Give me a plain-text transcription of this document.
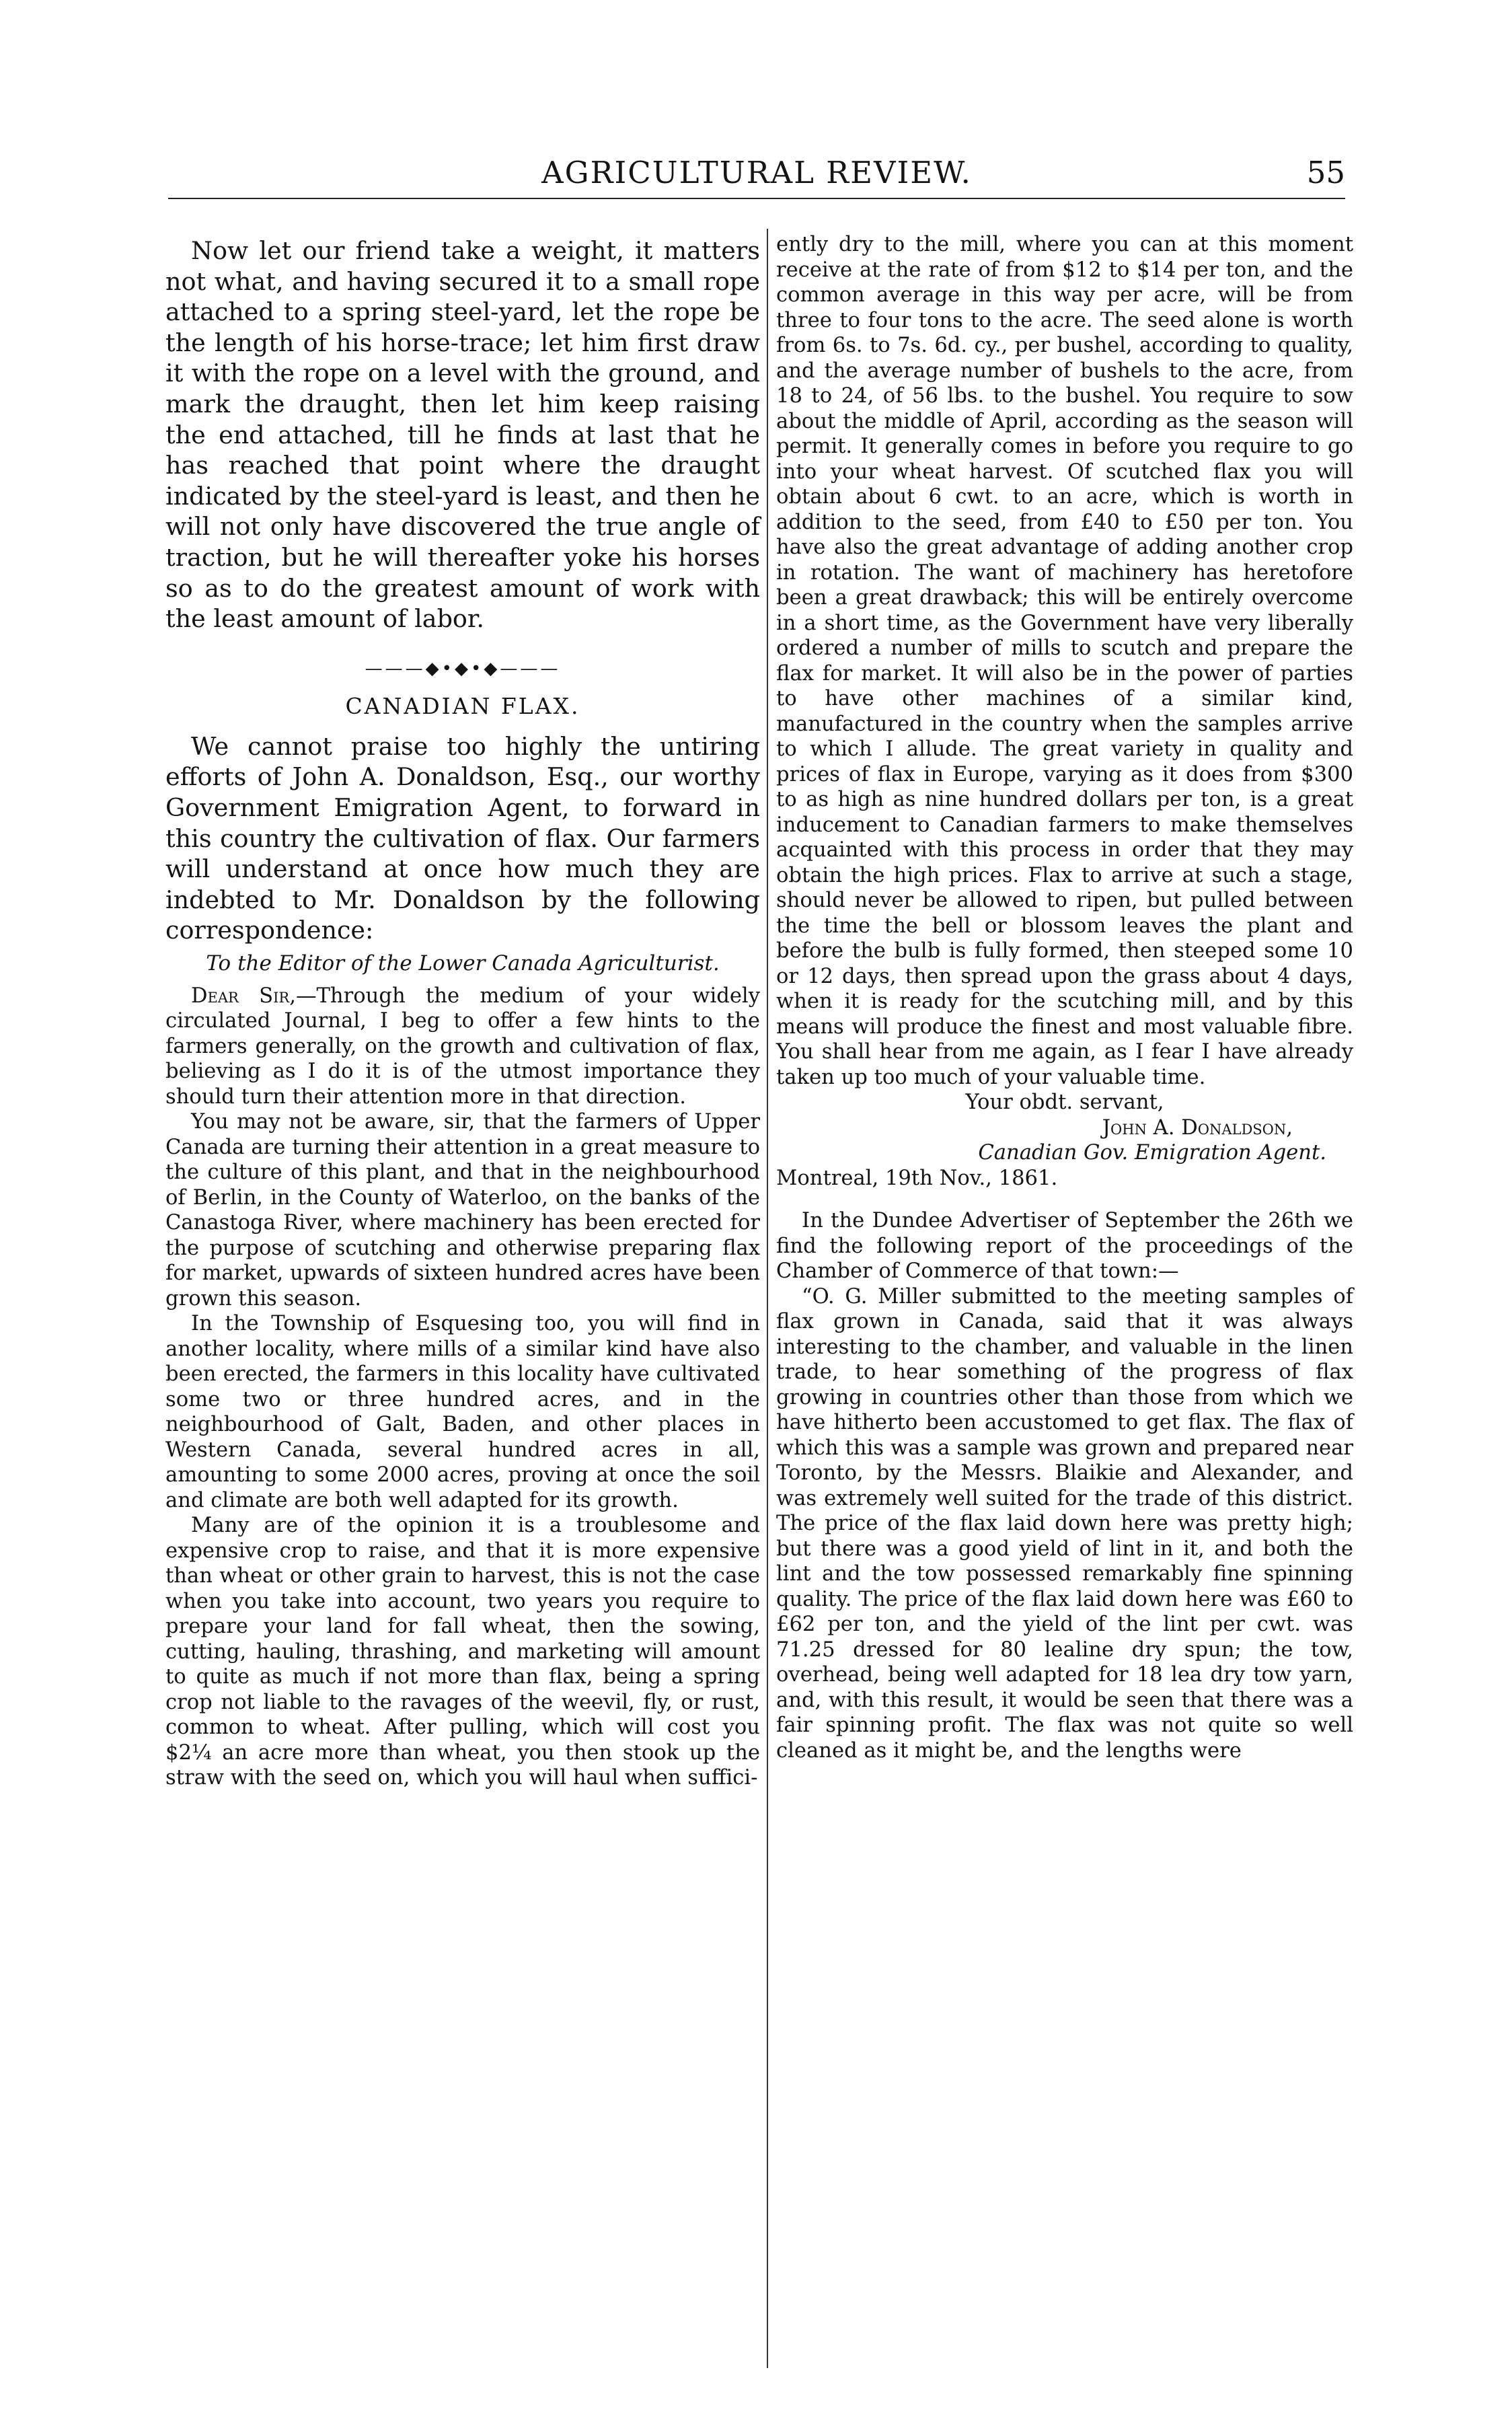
AGRICULTURAL REVIEW.	55

Now let our friend take a weight, it matters not what, and having secured it to a small rope attached to a spring steel-yard, let the rope be the length of his horse-trace; let him first draw it with the rope on a level with the ground, and mark the draught, then let him keep raising the end attached, till he finds at last that he has reached that point where the draught indicated by the steel-yard is least, and then he will not only have discovered the true angle of traction, but he will thereafter yoke his horses so as to do the greatest amount of work with the least amount of labor.

———◆•◆•◆———
CANADIAN FLAX.

We cannot praise too highly the untiring efforts of John A. Donaldson, Esq., our worthy Government Emigration Agent, to forward in this country the cultivation of flax. Our farmers will understand at once how much they are indebted to Mr. Donaldson by the following correspondence:

To the Editor of the Lower Canada Agriculturist.

Dear Sir,—Through the medium of your widely circulated Journal, I beg to offer a few hints to the farmers generally, on the growth and cultivation of flax, believing as I do it is of the utmost importance they should turn their attention more in that direction.

You may not be aware, sir, that the farmers of Upper Canada are turning their attention in a great measure to the culture of this plant, and that in the neighbourhood of Berlin, in the County of Waterloo, on the banks of the Canastoga River, where machinery has been erected for the purpose of scutching and otherwise preparing flax for market, upwards of sixteen hundred acres have been grown this season.

In the Township of Esquesing too, you will find in another locality, where mills of a similar kind have also been erected, the farmers in this locality have cultivated some two or three hundred acres, and in the neighbourhood of Galt, Baden, and other places in Western Canada, several hundred acres in all, amounting to some 2000 acres, proving at once the soil and climate are both well adapted for its growth.

Many are of the opinion it is a troublesome and expensive crop to raise, and that it is more expensive than wheat or other grain to harvest, this is not the case when you take into account, two years you require to prepare your land for fall wheat, then the sowing, cutting, hauling, thrashing, and marketing will amount to quite as much if not more than flax, being a spring crop not liable to the ravages of the weevil, fly, or rust, common to wheat. After pulling, which will cost you $2¼ an acre more than wheat, you then stook up the straw with the seed on, which you will haul when suffici-

ently dry to the mill, where you can at this moment receive at the rate of from $12 to $14 per ton, and the common average in this way per acre, will be from three to four tons to the acre. The seed alone is worth from 6s. to 7s. 6d. cy., per bushel, according to quality, and the average number of bushels to the acre, from 18 to 24, of 56 lbs. to the bushel. You require to sow about the middle of April, according as the season will permit. It generally comes in before you require to go into your wheat harvest. Of scutched flax you will obtain about 6 cwt. to an acre, which is worth in addition to the seed, from £40 to £50 per ton. You have also the great advantage of adding another crop in rotation. The want of machinery has heretofore been a great drawback; this will be entirely overcome in a short time, as the Government have very liberally ordered a number of mills to scutch and prepare the flax for market. It will also be in the power of parties to have other machines of a similar kind, manufactured in the country when the samples arrive to which I allude. The great variety in quality and prices of flax in Europe, varying as it does from $300 to as high as nine hundred dollars per ton, is a great inducement to Canadian farmers to make themselves acquainted with this process in order that they may obtain the high prices. Flax to arrive at such a stage, should never be allowed to ripen, but pulled between the time the bell or blossom leaves the plant and before the bulb is fully formed, then steeped some 10 or 12 days, then spread upon the grass about 4 days, when it is ready for the scutching mill, and by this means will produce the finest and most valuable fibre. You shall hear from me again, as I fear I have already taken up too much of your valuable time.

Your obdt. servant,

John A. Donaldson,

Canadian Gov. Emigration Agent.

Montreal, 19th Nov., 1861.

In the Dundee Advertiser of September the 26th we find the following report of the proceedings of the Chamber of Commerce of that town:—

“O. G. Miller submitted to the meeting samples of flax grown in Canada, said that it was always interesting to the chamber, and valuable in the linen trade, to hear something of the progress of flax growing in countries other than those from which we have hitherto been accustomed to get flax. The flax of which this was a sample was grown and prepared near Toronto, by the Messrs. Blaikie and Alexander, and was extremely well suited for the trade of this district. The price of the flax laid down here was pretty high; but there was a good yield of lint in it, and both the lint and the tow possessed remarkably fine spinning quality. The price of the flax laid down here was £60 to £62 per ton, and the yield of the lint per cwt. was 71.25 dressed for 80 lealine dry spun; the tow, overhead, being well adapted for 18 lea dry tow yarn, and, with this result, it would be seen that there was a fair spinning profit. The flax was not quite so well cleaned as it might be, and the lengths were
